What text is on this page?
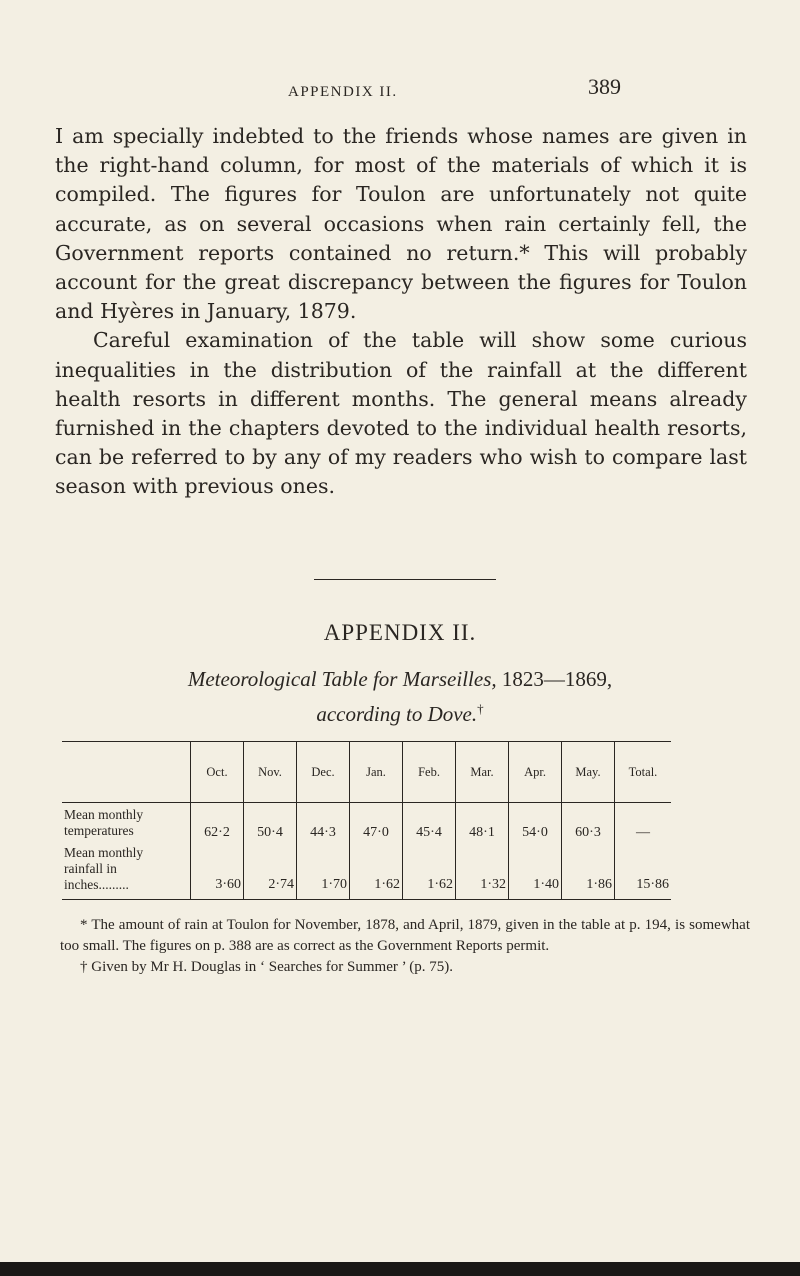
APPENDIX II.	389

I am specially indebted to the friends whose names are given in the right-hand column, for most of the materials of which it is compiled. The figures for Toulon are unfortunately not quite accurate, as on several occasions when rain certainly fell, the Government reports contained no return.* This will probably account for the great discrepancy between the figures for Toulon and Hyères in January, 1879.

Careful examination of the table will show some curious inequalities in the distribution of the rainfall at the different health resorts in different months. The general means already furnished in the chapters devoted to the individual health resorts, can be referred to by any of my readers who wish to compare last season with previous ones.

APPENDIX II.
Meteorological Table for Marseilles, 1823—1869,
according to Dove.†
	Oct.	Nov.	Dec.	Jan.	Feb.	Mar.	Apr.	May.	Total.

Mean monthly
temperatures	62·2	50·4	44·3	47·0	45·4	48·1	54·0	60·3	—

Mean monthly
rainfall in
inches.........	3·60	2·74	1·70	1·62	1·62	1·32	1·40	1·86	15·86

* The amount of rain at Toulon for November, 1878, and April, 1879, given in the table at p. 194, is somewhat too small. The figures on p. 388 are as correct as the Government Reports permit.

† Given by Mr H. Douglas in ‘ Searches for Summer ’ (p. 75).
